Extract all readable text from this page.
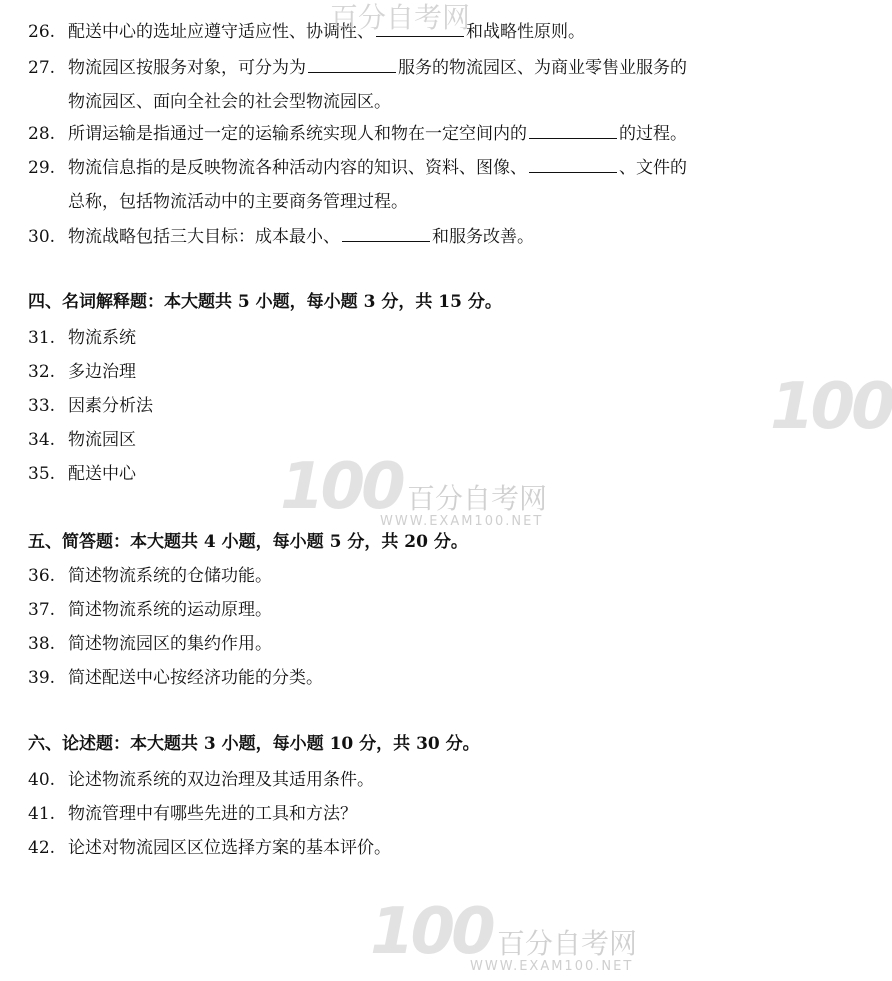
26. 配送中心的选址应遵守适应性、协调性、	和战略性原则。
27. 物流园区按服务对象，可分为为	服务的物流园区、为商业零售业服务的
物流园区、面向全社会的社会型物流园区。
28. 所谓运输是指通过一定的运输系统实现人和物在一定空间内的	的过程。
29. 物流信息指的是反映物流各种活动内容的知识、资料、图像、	、文件的
总称，包括物流活动中的主要商务管理过程。
30. 物流战略包括三大目标：成本最小、	和服务改善。
四、名词解释题：本大题共 5 小题，每小题 3 分，共 15 分。
31. 物流系统
32. 多边治理
33. 因素分析法
34. 物流园区
35. 配送中心
五、简答题：本大题共 4 小题，每小题 5 分，共 20 分。
36. 简述物流系统的仓储功能。
37. 简述物流系统的运动原理。
38. 简述物流园区的集约作用。
39. 简述配送中心按经济功能的分类。
六、论述题：本大题共 3 小题，每小题 10 分，共 30 分。
40. 论述物流系统的双边治理及其适用条件。
41. 物流管理中有哪些先进的工具和方法？
42. 论述对物流园区区位选择方案的基本评价。
100 百分自考网
WWW.EXAM100.NET
100 百分自考网
WWW.EXAM100.NET
百分自考网
100
